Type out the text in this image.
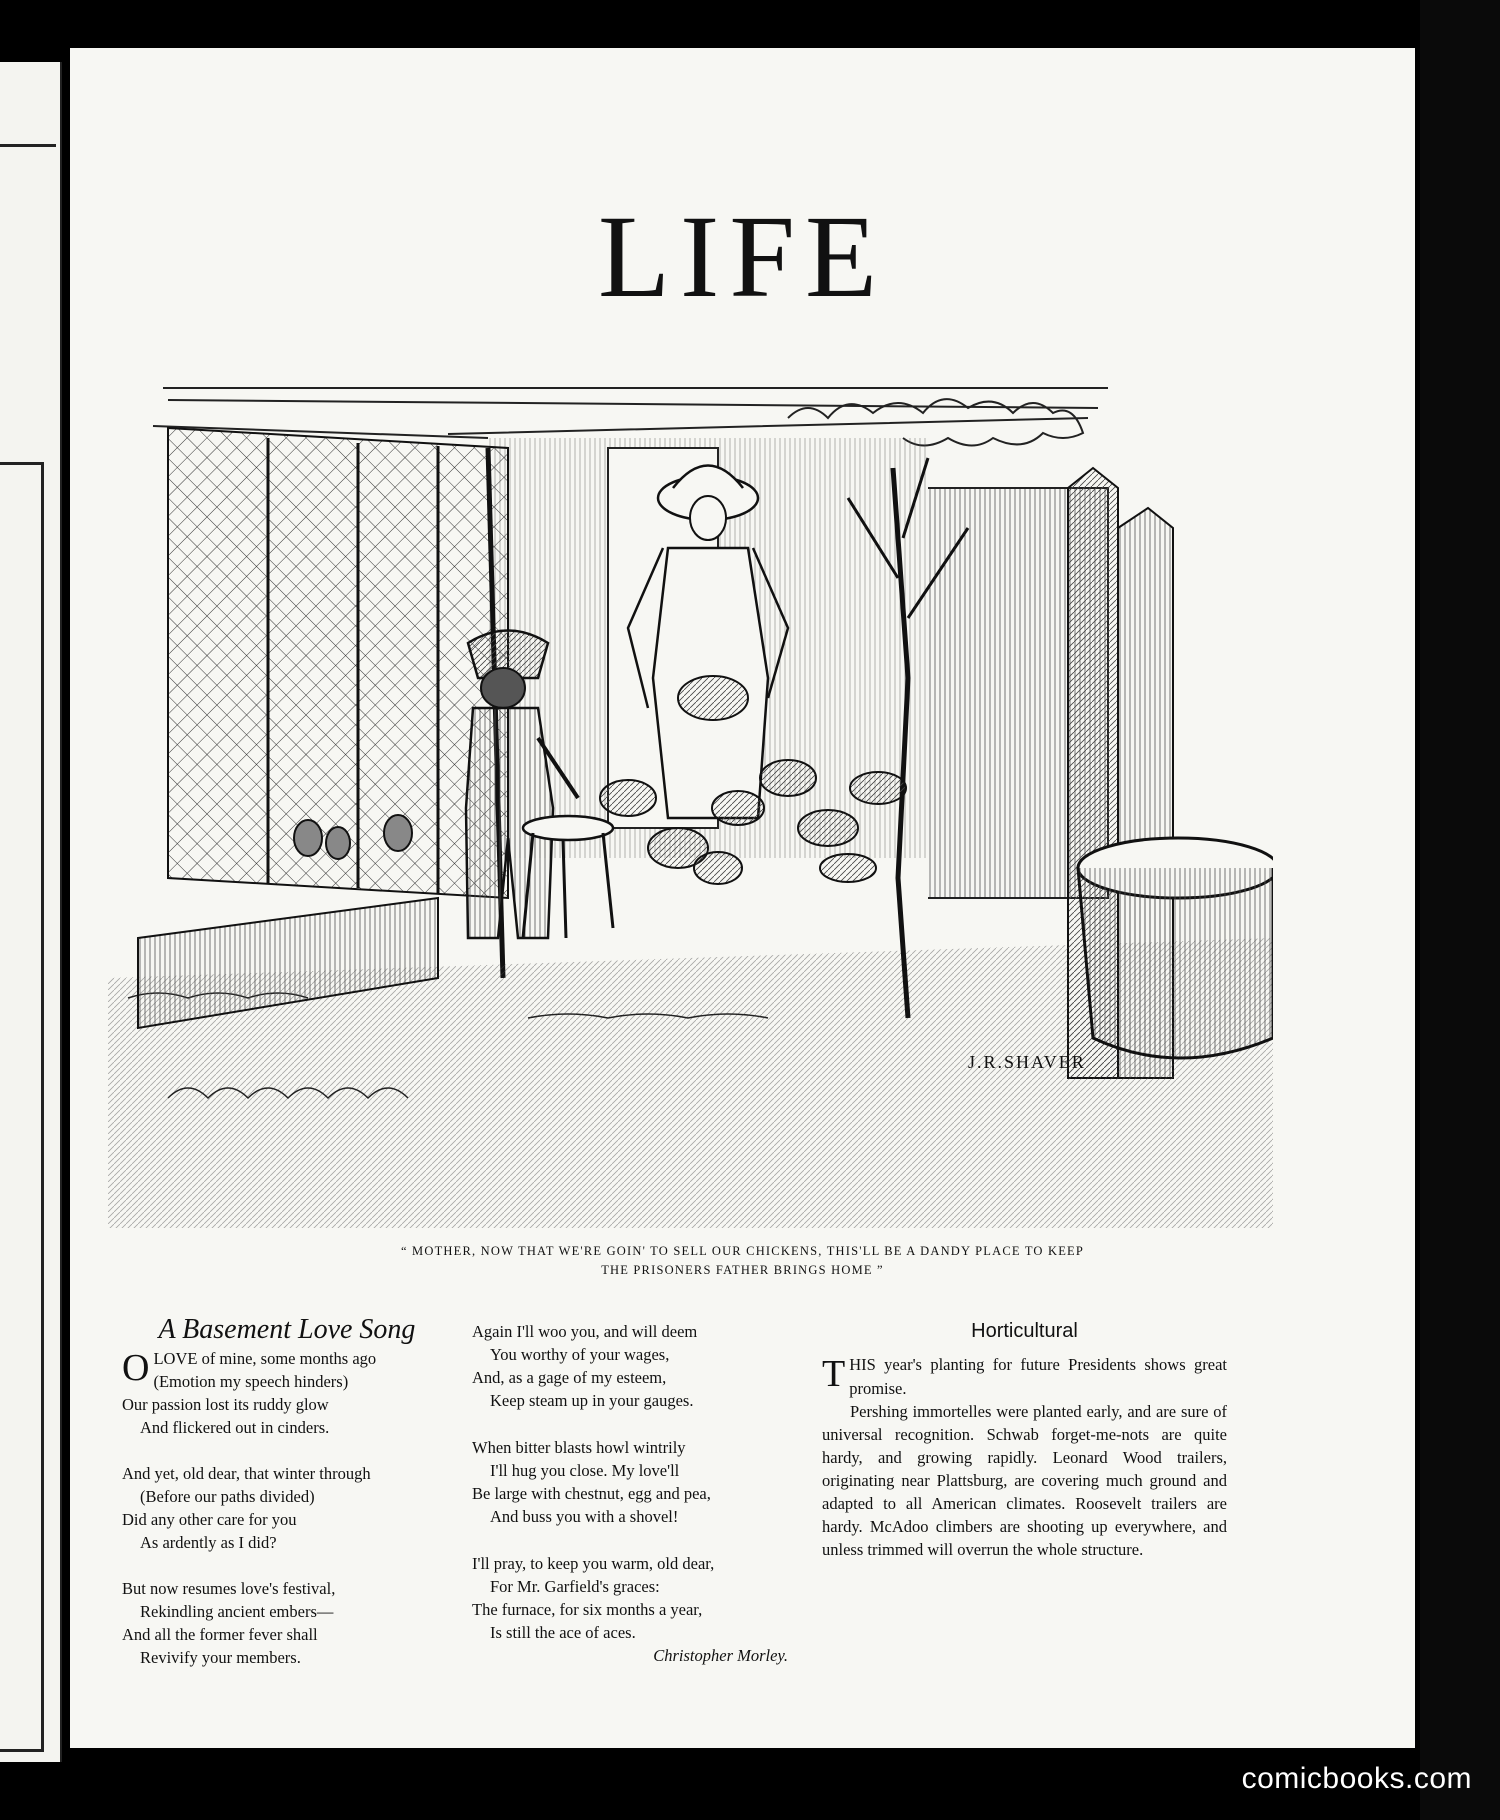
LIFE
J.R.SHAVER
“ MOTHER, NOW THAT WE'RE GOIN' TO SELL OUR CHICKENS, THIS'LL BE A DANDY PLACE TO KEEP
THE PRISONERS FATHER BRINGS HOME ”
A Basement Love Song
O LOVE of mine, some months ago
(Emotion my speech hinders)
Our passion lost its ruddy glow
And flickered out in cinders.
And yet, old dear, that winter through
(Before our paths divided)
Did any other care for you
As ardently as I did?
But now resumes love's festival,
Rekindling ancient embers—
And all the former fever shall
Revivify your members.
Again I'll woo you, and will deem
You worthy of your wages,
And, as a gage of my esteem,
Keep steam up in your gauges.
When bitter blasts howl wintrily
I'll hug you close. My love'll
Be large with chestnut, egg and pea,
And buss you with a shovel!
I'll pray, to keep you warm, old dear,
For Mr. Garfield's graces:
The furnace, for six months a year,
Is still the ace of aces.
Christopher Morley.
Horticultural

THIS year's planting for future Presidents shows great promise.

Pershing immortelles were planted early, and are sure of universal recognition. Schwab forget-me-nots are quite hardy, and growing rapidly. Leonard Wood trailers, originating near Plattsburg, are covering much ground and adapted to all American climates. Roosevelt trailers are hardy. McAdoo climbers are shooting up everywhere, and unless trimmed will overrun the whole structure.

comicbooks.com
